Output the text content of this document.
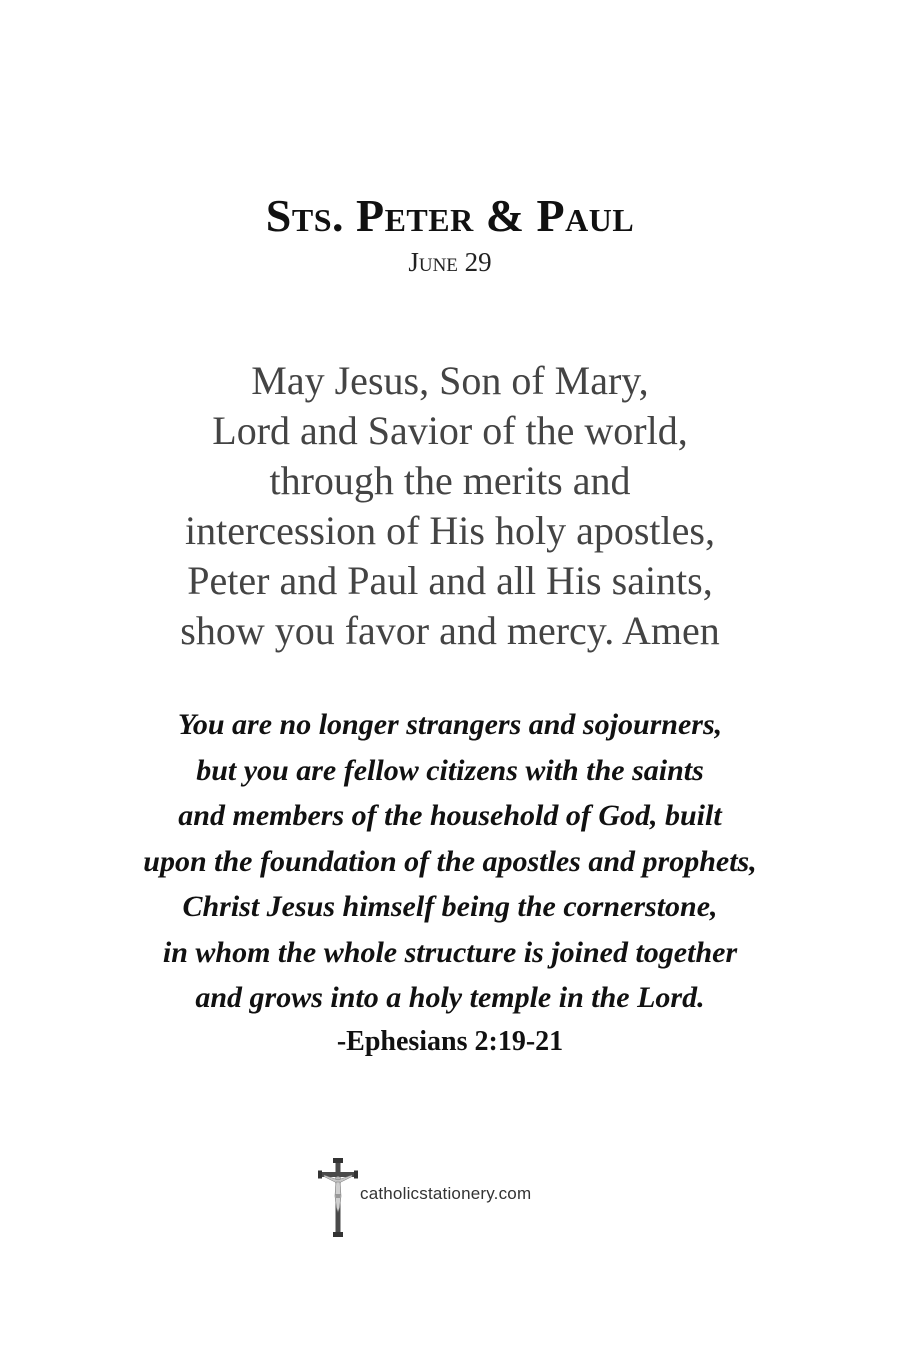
Sts. Peter & Paul
June 29
May Jesus, Son of Mary,
Lord and Savior of the world,
through the merits and
intercession of His holy apostles,
Peter and Paul and all His saints,
show you favor and mercy. Amen
You are no longer strangers and sojourners,
but you are fellow citizens with the saints
and members of the household of God, built
upon the foundation of the apostles and prophets,
Christ Jesus himself being the cornerstone,
in whom the whole structure is joined together
and grows into a holy temple in the Lord.
-Ephesians 2:19-21
catholicstationery.com
